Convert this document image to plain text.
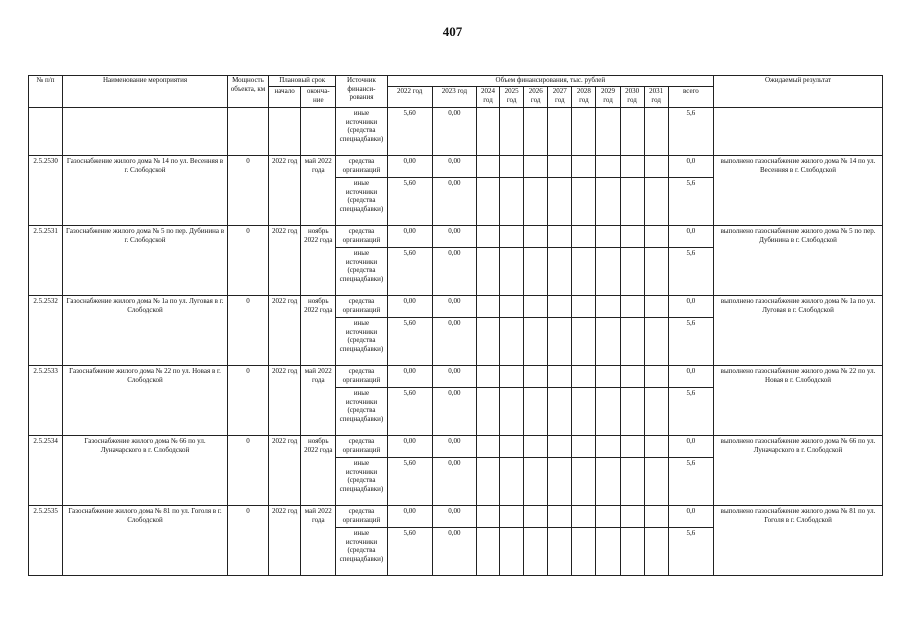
407
№ п/п	Наименование мероприятия	Мощность объекта, км	Плановый срок		Источник финанси-рования	Объем финансирования, тыс. рублей											Ожидаемый результат
			начало	оконча-ние		2022 год	2023 год	2024 год	2025 год	2026 год	2027 год	2028 год	2029 год	2030 год	2031 год	всего	
					иные источники (средства спецнадбавки)	5,60	0,00									5,6	
2.5.2530	Газоснабжение жилого дома № 14 по ул. Весенняя в г. Слободской	0	2022 год	май 2022 года	средства организаций	0,00	0,00									0,0	выполнено газоснабжение жилого дома № 14 по ул. Весенняя в г. Слободской
					иные источники (средства спецнадбавки)	5,60	0,00									5,6	
2.5.2531	Газоснабжение жилого дома № 5 по пер. Дубинина в г. Слободской	0	2022 год	ноябрь 2022 года	средства организаций	0,00	0,00									0,0	выполнено газоснабжение жилого дома № 5 по пер. Дубинина в г. Слободской
					иные источники (средства спецнадбавки)	5,60	0,00									5,6	
2.5.2532	Газоснабжение жилого дома № 1а по ул. Луговая в г. Слободской	0	2022 год	ноябрь 2022 года	средства организаций	0,00	0,00									0,0	выполнено газоснабжение жилого дома № 1а по ул. Луговая в г. Слободской
					иные источники (средства спецнадбавки)	5,60	0,00									5,6	
2.5.2533	Газоснабжение жилого дома № 22 по ул. Новая в г. Слободской	0	2022 год	май 2022 года	средства организаций	0,00	0,00									0,0	выполнено газоснабжение жилого дома № 22 по ул. Новая в г. Слободской
					иные источники (средства спецнадбавки)	5,60	0,00									5,6	
2.5.2534	Газоснабжение жилого дома № 66 по ул. Луначарского в г. Слободской	0	2022 год	ноябрь 2022 года	средства организаций	0,00	0,00									0,0	выполнено газоснабжение жилого дома № 66 по ул. Луначарского в г. Слободской
					иные источники (средства спецнадбавки)	5,60	0,00									5,6	
2.5.2535	Газоснабжение жилого дома № 81 по ул. Гоголя в г. Слободской	0	2022 год	май 2022 года	средства организаций	0,00	0,00									0,0	выполнено газоснабжение жилого дома № 81 по ул. Гоголя в г. Слободской
					иные источники (средства спецнадбавки)	5,60	0,00									5,6	
